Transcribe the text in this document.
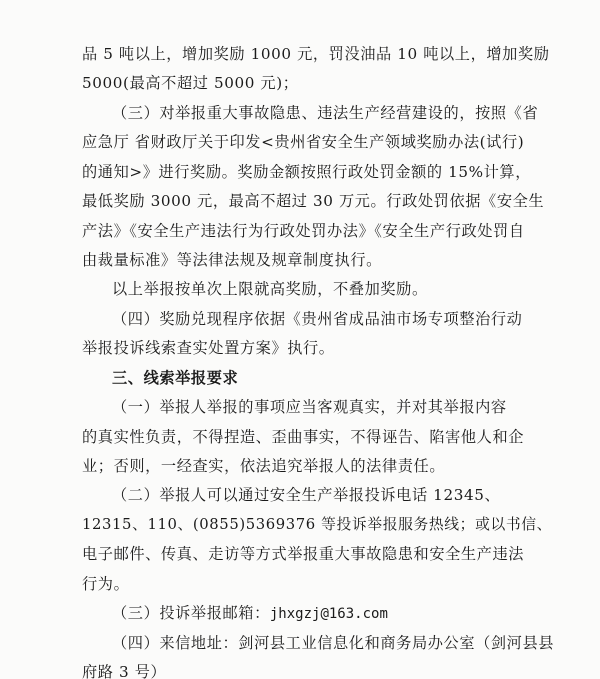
品 5 吨以上，增加奖励 1000 元，罚没油品 10 吨以上，增加奖励
5000(最高不超过 5000 元)；
（三）对举报重大事故隐患、违法生产经营建设的，按照《省
应急厅 省财政厅关于印发<贵州省安全生产领域奖励办法(试行)
的通知>》进行奖励。奖励金额按照行政处罚金额的 15%计算，
最低奖励 3000 元，最高不超过 30 万元。行政处罚依据《安全生
产法》《安全生产违法行为行政处罚办法》《安全生产行政处罚自
由裁量标准》等法律法规及规章制度执行。
以上举报按单次上限就高奖励，不叠加奖励。
（四）奖励兑现程序依据《贵州省成品油市场专项整治行动
举报投诉线索查实处置方案》执行。
三、线索举报要求
（一）举报人举报的事项应当客观真实，并对其举报内容
的真实性负责，不得捏造、歪曲事实，不得诬告、陷害他人和企
业；否则，一经查实，依法追究举报人的法律责任。
（二）举报人可以通过安全生产举报投诉电话 12345、
12315、110、(0855)5369376 等投诉举报服务热线；或以书信、
电子邮件、传真、走访等方式举报重大事故隐患和安全生产违法
行为。
（三）投诉举报邮箱：jhxgzj@163.com
（四）来信地址：剑河县工业信息化和商务局办公室（剑河县县
府路 3 号）
